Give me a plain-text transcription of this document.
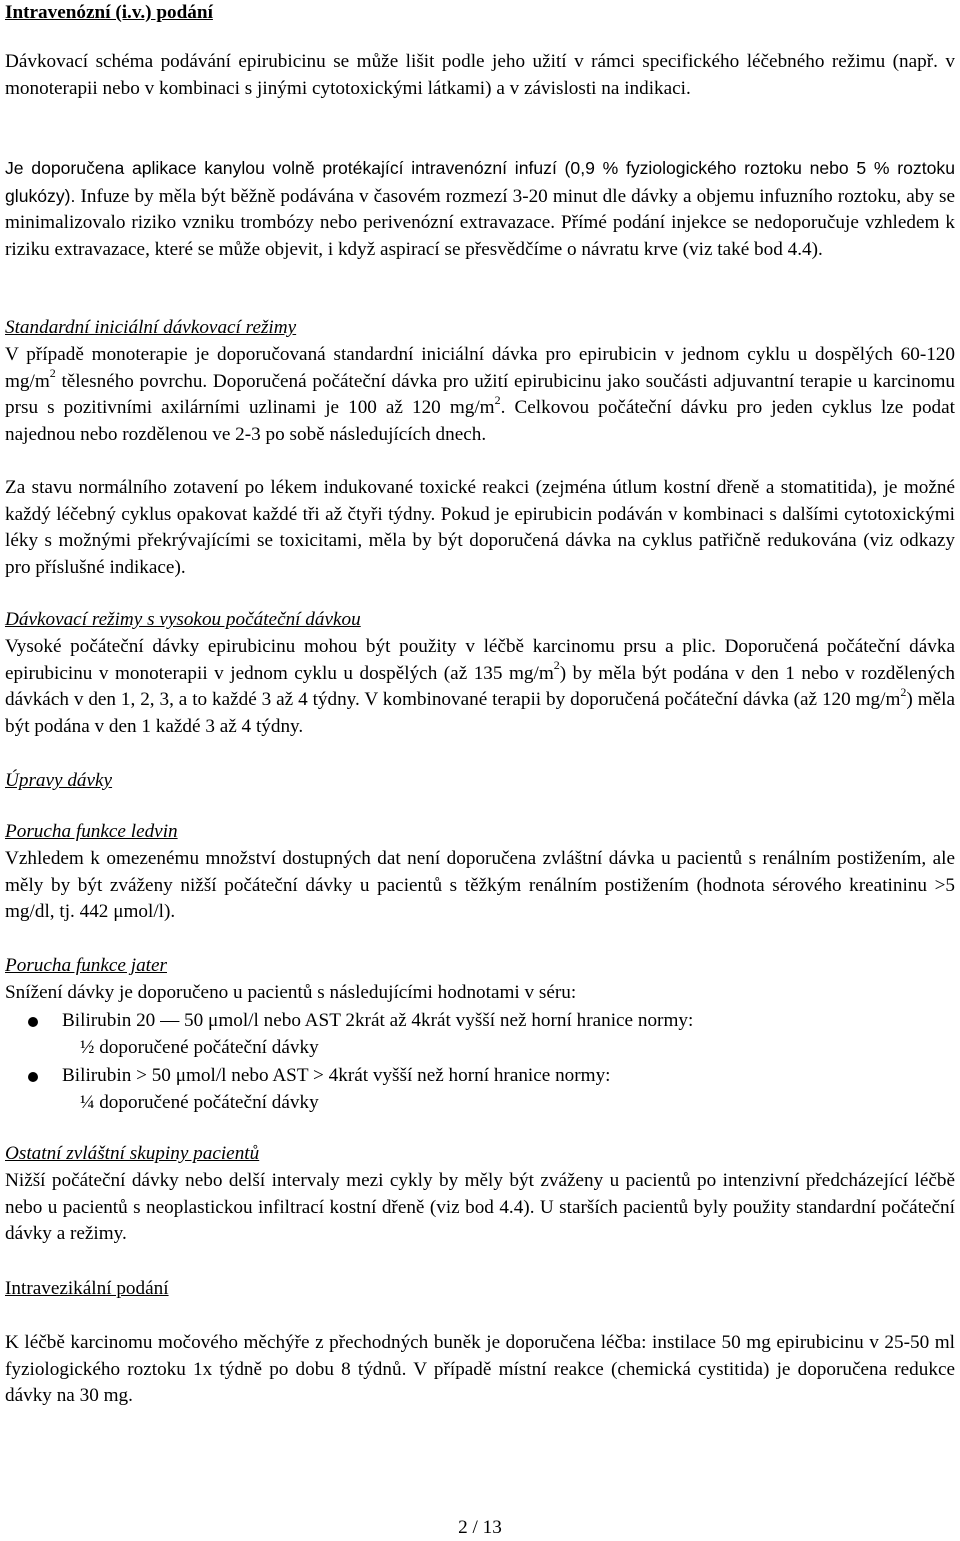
Intravenózní (i.v.) podání

Dávkovací schéma podávání epirubicinu se může lišit podle jeho užití v rámci specifického léčebného režimu (např. v monoterapii nebo v kombinaci s jinými cytotoxickými látkami) a v závislosti na indikaci.

Je doporučena aplikace kanylou volně protékající intravenózní infuzí (0,9 % fyziologického roztoku nebo 5 % roztoku glukózy). Infuze by měla být běžně podávána v časovém rozmezí 3-20 minut dle dávky a objemu infuzního roztoku, aby se minimalizovalo riziko vzniku trombózy nebo perivenózní extravazace. Přímé podání injekce se nedoporučuje vzhledem k riziku extravazace, které se může objevit, i když aspirací se přesvědčíme o návratu krve (viz také bod 4.4).

Standardní iniciální dávkovací režimy

V případě monoterapie je doporučovaná standardní iniciální dávka pro epirubicin v jednom cyklu u dospělých 60-120 $mg/m^2$ tělesného povrchu. Doporučená počáteční dávka pro užití epirubicinu jako součásti adjuvantní terapie u karcinomu prsu s pozitivními axilárními uzlinami je 100 až 120 $mg/m^2$. Celkovou počáteční dávku pro jeden cyklus lze podat najednou nebo rozdělenou ve 2-3 po sobě následujících dnech.

Za stavu normálního zotavení po lékem indukované toxické reakci (zejména útlum kostní dřeně a stomatitida), je možné každý léčebný cyklus opakovat každé tři až čtyři týdny. Pokud je epirubicin podáván v kombinaci s dalšími cytotoxickými léky s možnými překrývajícími se toxicitami, měla by být doporučená dávka na cyklus patřičně redukována (viz odkazy pro příslušné indikace).

Dávkovací režimy s vysokou počáteční dávkou

Vysoké počáteční dávky epirubicinu mohou být použity v léčbě karcinomu prsu a plic. Doporučená počáteční dávka epirubicinu v monoterapii v jednom cyklu u dospělých (až 135 $mg/m^2$) by měla být podána v den 1 nebo v rozdělených dávkách v den 1, 2, 3, a to každé 3 až 4 týdny. V kombinované terapii by doporučená počáteční dávka (až 120 $mg/m^2$) měla být podána v den 1 každé 3 až 4 týdny.

Úpravy dávky

Porucha funkce ledvin

Vzhledem k omezenému množství dostupných dat není doporučena zvláštní dávka u pacientů s renálním postižením, ale měly by být zváženy nižší počáteční dávky u pacientů s těžkým renálním postižením (hodnota sérového kreatininu >5 mg/dl, tj. 442 μmol/l).

Porucha funkce jater

Snížení dávky je doporučeno u pacientů s následujícími hodnotami v séru:

Bilirubin 20 — 50 μmol/l nebo AST 2krát až 4krát vyšší než horní hranice normy:

½ doporučené počáteční dávky

Bilirubin > 50 μmol/l nebo AST > 4krát vyšší než horní hranice normy:

¼ doporučené počáteční dávky

Ostatní zvláštní skupiny pacientů

Nižší počáteční dávky nebo delší intervaly mezi cykly by měly být zváženy u pacientů po intenzivní předcházející léčbě nebo u pacientů s neoplastickou infiltrací kostní dřeně (viz bod 4.4). U starších pacientů byly použity standardní počáteční dávky a režimy.

Intravezikální podání

K léčbě karcinomu močového měchýře z přechodných buněk je doporučena léčba: instilace 50 mg epirubicinu v 25-50 ml fyziologického roztoku 1x týdně po dobu 8 týdnů. V případě místní reakce (chemická cystitida) je doporučena redukce dávky na 30 mg.

2 / 13
